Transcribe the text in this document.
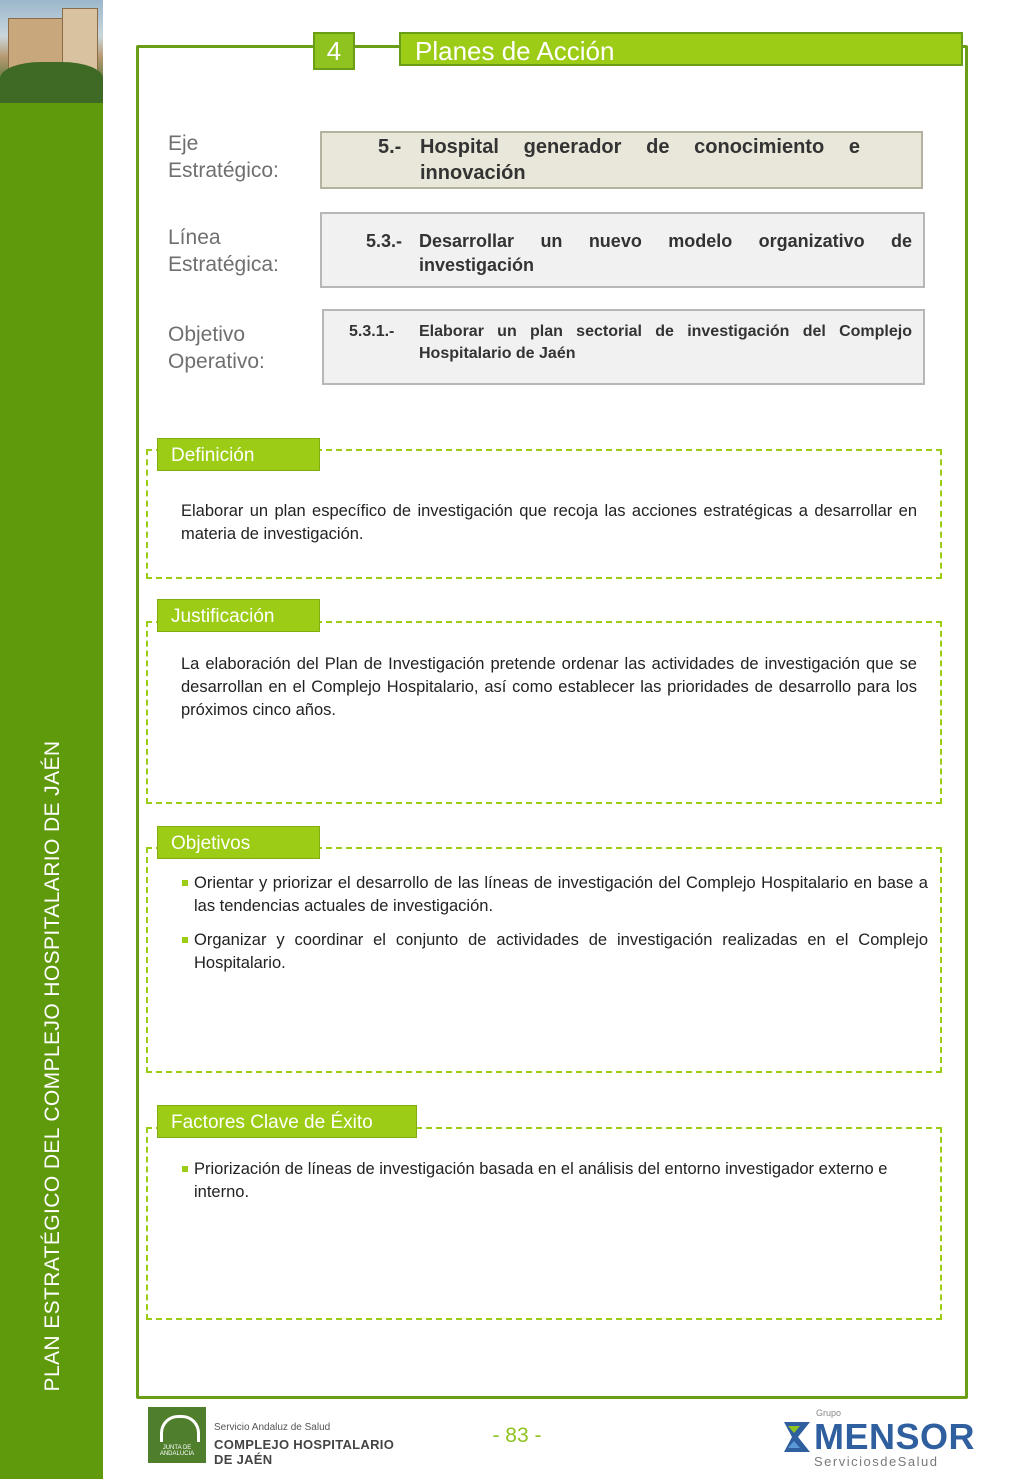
PLAN ESTRATÉGICO DEL COMPLEJO HOSPITALARIO DE JAÉN
4	Planes de Acción
Eje
Estratégico:
5.- Hospital generador de conocimiento e innovación
Línea
Estratégica:
5.3.- Desarrollar un nuevo modelo organizativo de investigación
Objetivo
Operativo:
5.3.1.- Elaborar un plan sectorial de investigación del Complejo Hospitalario de Jaén
Definición
Elaborar un plan específico de investigación que recoja las acciones estratégicas a desarrollar en materia de investigación.
Justificación
La elaboración del Plan de Investigación pretende ordenar las actividades de investigación que se desarrollan en el Complejo Hospitalario, así como establecer las prioridades de desarrollo para los próximos cinco años.
Objetivos
Orientar y priorizar el desarrollo de las líneas de investigación del Complejo Hospitalario en base a las tendencias actuales de investigación.
Organizar y coordinar el conjunto de actividades de investigación realizadas en el Complejo Hospitalario.
Factores Clave de Éxito
Priorización de líneas de investigación basada en el análisis del entorno investigador externo e interno.
JUNTA DE ANDALUCIA
Servicio Andaluz de Salud
COMPLEJO HOSPITALARIO DE JAÉN
- 83 -
Grupo
MENSOR
ServiciosdeSalud
